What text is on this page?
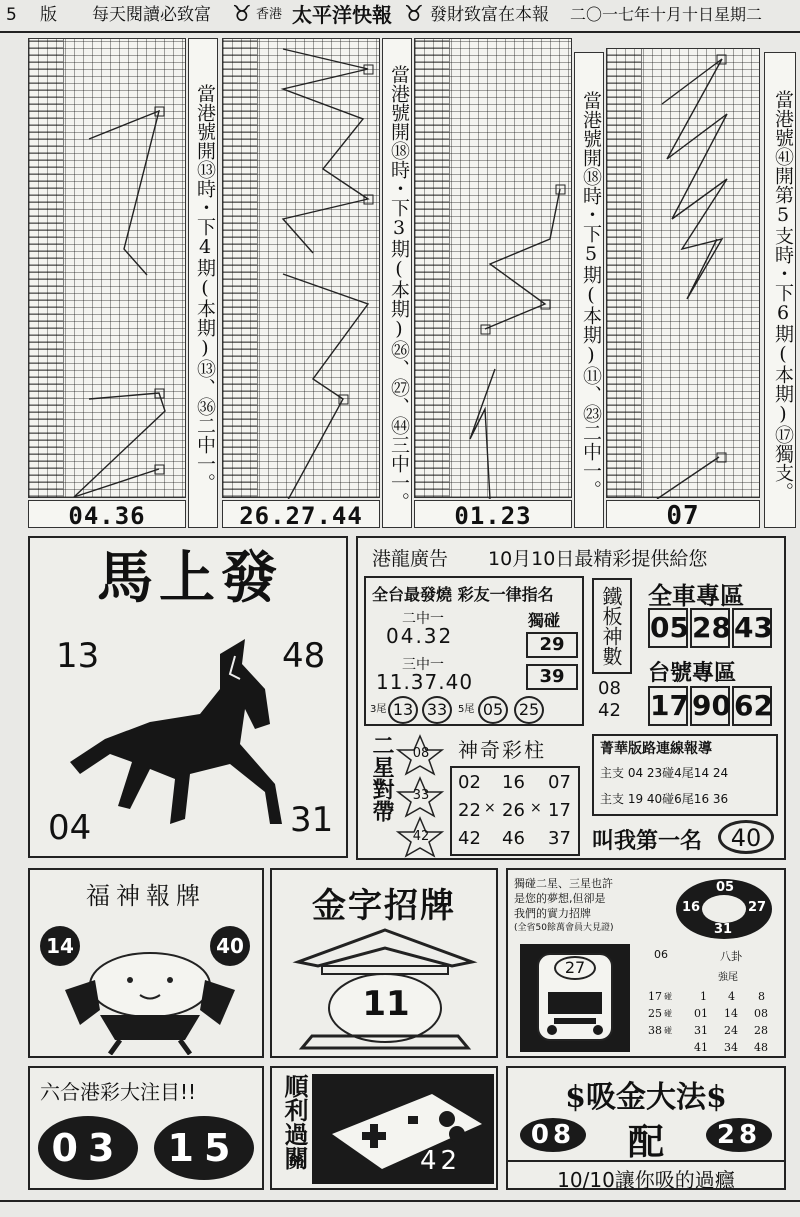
5 版 每天閱讀必致富 ♉ 香港 太平洋快報 ♉ 發財致富在本報 二〇一七年十月十日星期二
當港號開⑬時・下4期(本期)⑬、㊱二中一。
04.36
當港號開⑱時・下3期(本期)㉖、㉗、㊹三中一。
26.27.44
當港號開⑱時・下5期(本期)⑪、㉓二中一。
01.23
當港號㊶開第5支時・下6期(本期)⑰獨支。
07
馬上發
13	48
04	31
港龍廣告 10月10日最精彩提供給您
全台最發燒 彩友一律指名
二中一
04.32
三中一
11.37.40
獨碰
29
39
3尾 13 33	5尾 05 25
鐵板神數
08
42
全車專區
05 28 43
台號專區
17 90 62
二星對帶	08
33
42
神奇彩柱
02 16 07
22 × 26 × 17
42 46 37
菁華版路連線報導
主支 04 23碰4尾14 24
主支 19 40碰6尾16 36
叫我第一名	40
福神報牌
14	40
金字招牌
11
獨碰二星、三星也許
是您的夢想,但卻是
我們的實力招牌
(全省50餘萬會員大見證)
05
16	27
31
27
06	八卦
強尾
17 碰	1 4 8
25 碰 01 14 08
38 碰 31 24 28
41 34 48
六合港彩大注目!!
03	15	順利過關	42
$吸金大法$
08	配	28
10/10讓你吸的過癮
